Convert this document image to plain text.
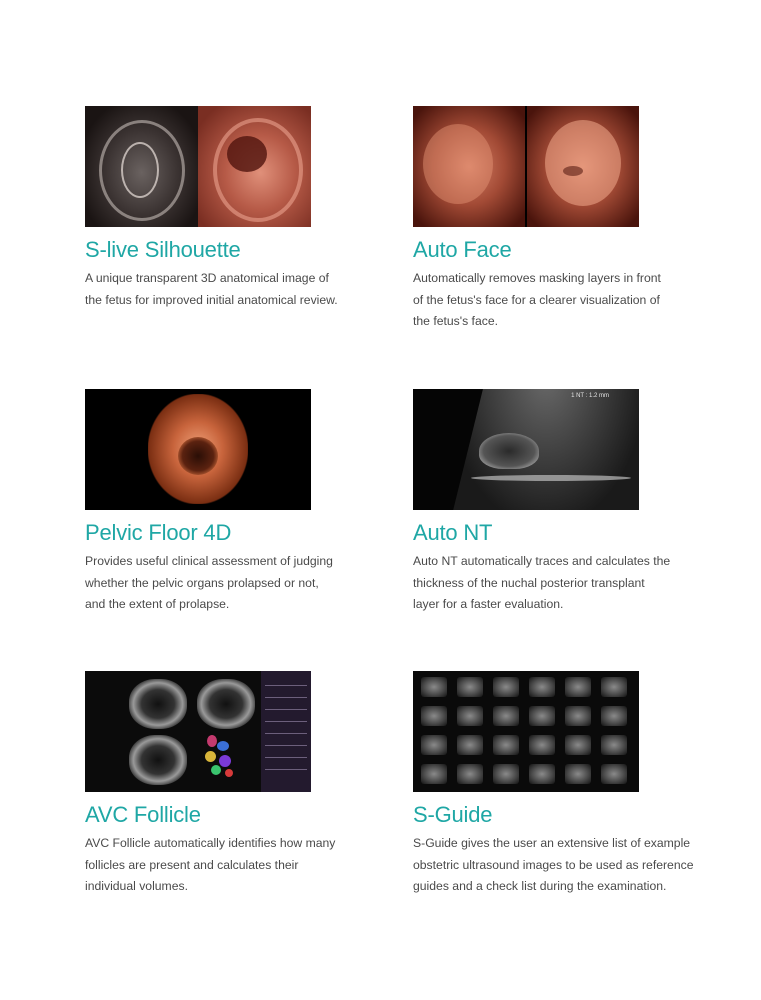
S-live Silhouette
A unique transparent 3D anatomical image of
the fetus for improved initial anatomical review.
Auto Face
Automatically removes masking layers in front
of the fetus's face for a clearer visualization of
the fetus's face.
Pelvic Floor 4D
Provides useful clinical assessment of judging
whether the pelvic organs prolapsed or not,
and the extent of prolapse.
1 NT : 1.2 mm
Auto NT
Auto NT automatically traces and calculates the
thickness of the nuchal posterior transplant
layer for a faster evaluation.
AVC Follicle
AVC Follicle automatically identifies how many
follicles are present and calculates their
individual volumes.
S-Guide
S-Guide gives the user an extensive list of example
obstetric ultrasound images to be used as reference
guides and a check list during the examination.
